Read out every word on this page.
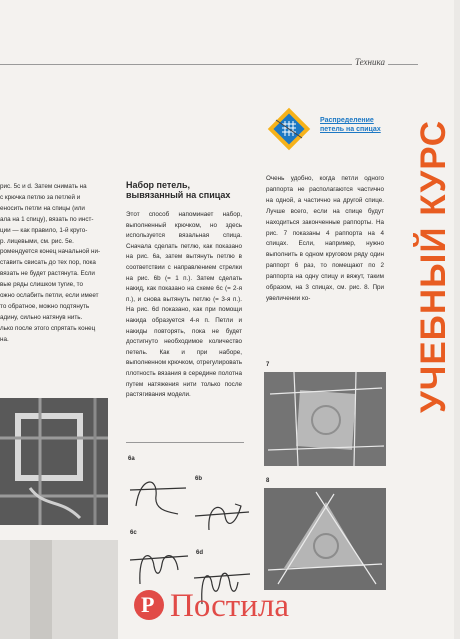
Техника
УЧЕБНЫЙ КУРС

рис. 5с и d. Затем снимать на

с крючка петлю за петлей и

еносить петли на спицы (или

ала на 1 спицу), вязать по инст-

ции — как правило, 1-й круго-

р. лицевыми, см. рис. 5е.

ромендуется конец начальной ни-

ставить свисать до тех пор, пока

вязать не будет растянута. Если

вые ряды слишком тугие, то

ожно ослабить петли, если имеет

то обратное, можно подтянуть

адину, сильно натянув нить.

лько после этого спрятать конец

на.

Набор петель, вывязанный на спицах
Этот способ напоминает набор, выполненный крючком, но здесь используется вязальная спица. Сначала сделать петлю, как показано на рис. 6а, затем вытянуть петлю в соответствии с направлением стрелки на рис. 6b (= 1 п.). Затем сделать накид, как показано на схеме 6с (= 2-я п.), и снова вытянуть петлю (= 3-я п.). На рис. 6d показано, как при помощи накида образуется 4-я п. Петли и накиды повторять, пока не будет достигнуто необходимое количество петель. Как и при наборе, выполненном крючком, отрегулировать плотность вязания в середине полотна путем натяжения нити только после растягивания модели.
Распределение петель на спицах
Очень удобно, когда петли одного раппорта не располагаются частично на одной, а частично на другой спице. Лучше всего, если на спице будут находиться законченные раппорты. На рис. 7 показаны 4 раппорта на 4 спицах. Если, например, нужно выполнить в одном круговом ряду один раппорт 6 раз, то помещают по 2 раппорта на одну спицу и вяжут, таким образом, на 3 спицах, см. рис. 8. При увеличении ко-
6a
6b
6c
6d
7
8
P Постила
